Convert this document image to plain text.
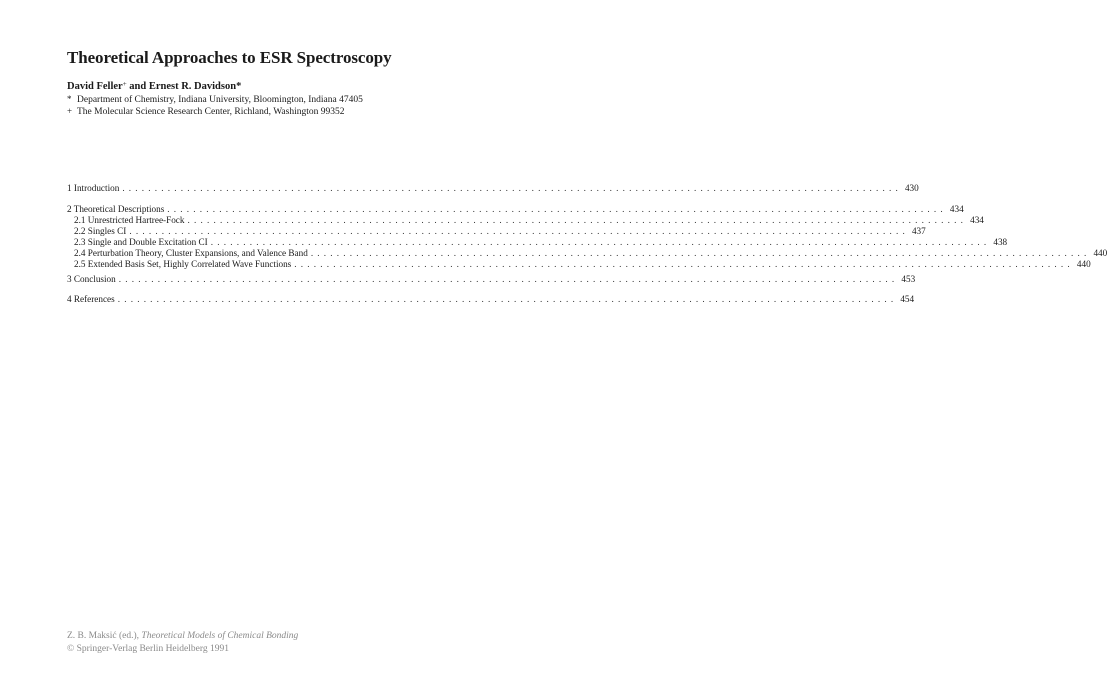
Theoretical Approaches to ESR Spectroscopy
David Feller+ and Ernest R. Davidson*
* Department of Chemistry, Indiana University, Bloomington, Indiana 47405
+ The Molecular Science Research Center, Richland, Washington 99352
1 Introduction ........................................................................................................................ 430
2 Theoretical Descriptions ........................................................................................................................ 434
2.1 Unrestricted Hartree-Fock ........................................................................................................................ 434
2.2 Singles CI ........................................................................................................................ 437
2.3 Single and Double Excitation CI ........................................................................................................................ 438
2.4 Perturbation Theory, Cluster Expansions, and Valence Band ........................................................................................................................ 440
2.5 Extended Basis Set, Highly Correlated Wave Functions ........................................................................................................................ 440
3 Conclusion ........................................................................................................................ 453
4 References ........................................................................................................................ 454
Z. B. Maksić (ed.), Theoretical Models of Chemical Bonding
© Springer-Verlag Berlin Heidelberg 1991
